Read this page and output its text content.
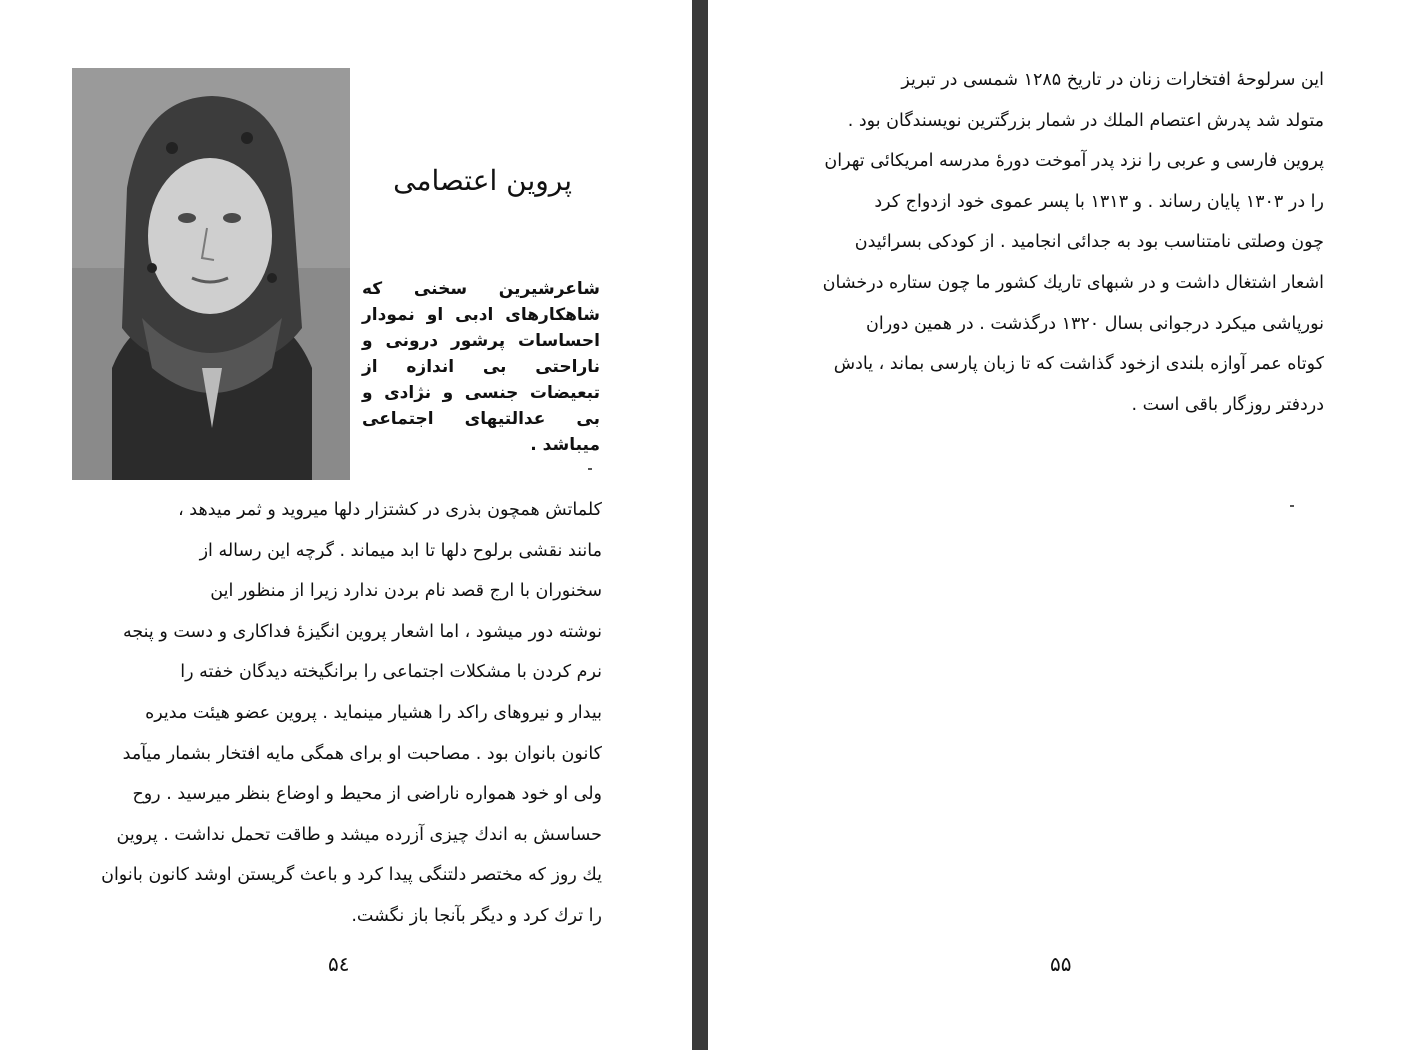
پروین اعتصامی
شاعرشیرین سخنی که شاهکارهای ادبی او نمودار احساسات پرشور درونی و ناراحتی بی اندازه از تبعیضات جنسی و نژادی و بی عدالتیهای اجتماعی میباشد .

کلماتش همچون بذری در کشتزار دلها میروید و ثمر میدهد ،

مانند نقشی برلوح دلها تا ابد میماند . گرچه این رساله از

سخنوران با ارج قصد نام بردن ندارد زیرا از منظور این

نوشته دور میشود ، اما اشعار پروین انگیزهٔ فداکاری و دست و پنجه

نرم کردن با مشکلات اجتماعی را برانگیخته دیدگان خفته را

بیدار و نیروهای راکد را هشیار مینماید . پروین عضو هیئت مدیره

کانون بانوان بود . مصاحبت او برای همگی مایه افتخار بشمار میآمد

ولی او خود همواره ناراضی از محیط و اوضاع بنظر میرسید . روح

حساسش به اندك چیزی آزرده میشد و طاقت تحمل نداشت . پروین

یك روز که مختصر دلتنگی پیدا کرد و باعث گریستن اوشد کانون بانوان

را ترك کرد و دیگر بآنجا باز نگشت.

۵٤	۵۵

این سرلوحهٔ افتخارات زنان در تاریخ ۱۲۸۵ شمسی در تبریز

متولد شد پدرش اعتصام الملك در شمار بزرگترین نویسندگان بود .

پروین فارسی و عربی را نزد پدر آموخت دورهٔ مدرسه امریکائی تهران

را در ۱۳۰۳ پایان رساند . و ۱۳۱۳ با پسر عموی خود ازدواج کرد

چون وصلتی نامتناسب بود به جدائی انجامید . از کودکی بسرائیدن

اشعار اشتغال داشت و در شبهای تاریك کشور ما چون ستاره درخشان

نورپاشی میکرد درجوانی بسال ۱۳۲۰ درگذشت . در همین دوران

کوتاه عمر آوازه بلندی ازخود گذاشت که تا زبان پارسی بماند ، یادش

دردفتر روزگار باقی است .
